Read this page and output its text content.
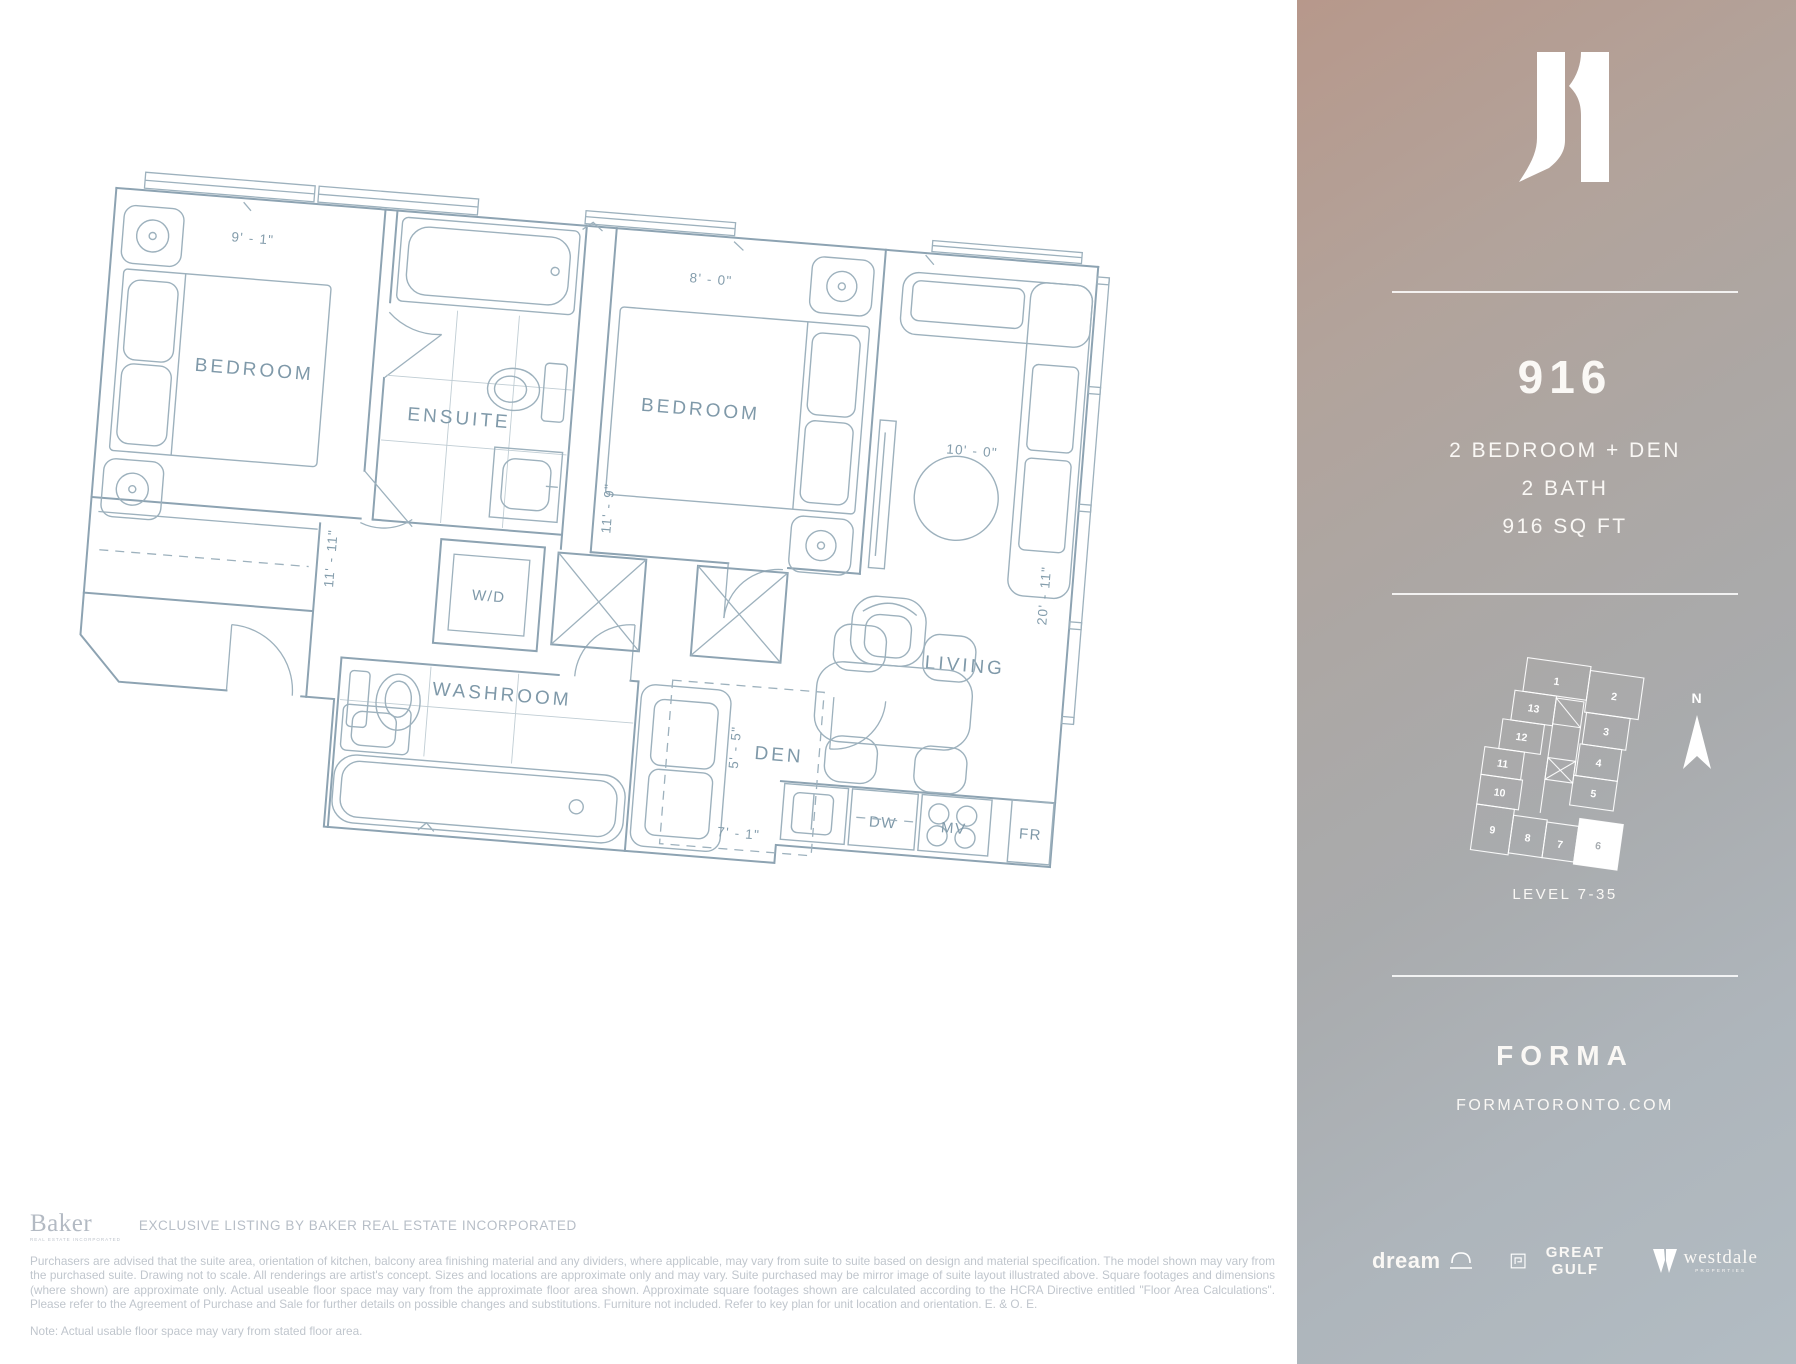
BEDROOM
9' - 1"
11' - 11"
ENSUITE
W/D
BEDROOM
8' - 0"
11' - 9"
LIVING
10' - 0"
20' - 11"
WASHROOM
DEN
5' - 5"
7' - 1"
DW	MV	FR
Baker
REAL ESTATE INCORPORATED
EXCLUSIVE LISTING BY BAKER REAL ESTATE INCORPORATED
Purchasers are advised that the suite area, orientation of kitchen, balcony area finishing material and any dividers, where applicable, may vary from suite to suite based on design and material specification. The model shown may vary from the purchased suite. Drawing not to scale. All renderings are artist's concept. Sizes and locations are approximate only and may vary. Suite purchased may be mirror image of suite layout illustrated above. Square footages and dimensions (where shown) are approximate only. Actual useable floor space may vary from the approximate floor area shown. Approximate square footages shown are calculated according to the HCRA Directive entitled "Floor Area Calculations". Please refer to the Agreement of Purchase and Sale for further details on possible changes and substitutions. Furniture not included. Refer to key plan for unit location and orientation. E. & O. E.
Note: Actual usable floor space may vary from stated floor area.
916
2 BEDROOM + DEN
2 BATH
916 SQ FT
1
2
13
3
12
4
11
5
10
9
8
7	6
N
LEVEL 7-35
FORMA
FORMATORONTO.COM
dream	GREAT GULF
westdale
PROPERTIES
